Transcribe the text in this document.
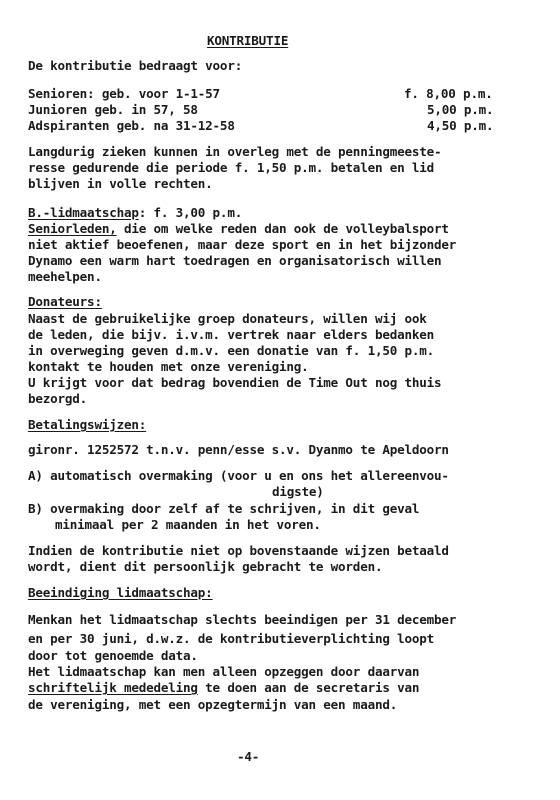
KONTRIBUTIE
De kontributie bedraagt voor:
Senioren: geb. voor 1-1-57	f. 8,00 p.m.
Junioren geb. in 57, 58	5,00 p.m.
Adspiranten geb. na 31-12-58	4,50 p.m.
Langdurig zieken kunnen in overleg met de penningmeeste-
resse gedurende die periode f. 1,50 p.m. betalen en lid
blijven in volle rechten.
B.-lidmaatschap: f. 3,00 p.m.
Seniorleden, die om welke reden dan ook de volleybalsport
niet aktief beoefenen, maar deze sport en in het bijzonder
Dynamo een warm hart toedragen en organisatorisch willen
meehelpen.
Donateurs:
Naast de gebruikelijke groep donateurs, willen wij ook
de leden, die bijv. i.v.m. vertrek naar elders bedanken
in overweging geven d.m.v. een donatie van f. 1,50 p.m.
kontakt te houden met onze vereniging.
U krijgt voor dat bedrag bovendien de Time Out nog thuis
bezorgd.
Betalingswijzen:
gironr. 1252572 t.n.v. penn/esse s.v. Dyanmo te Apeldoorn
A) automatisch overmaking (voor u en ons het allereenvou-
digste)
B) overmaking door zelf af te schrijven, in dit geval
minimaal per 2 maanden in het voren.
Indien de kontributie niet op bovenstaande wijzen betaald
wordt, dient dit persoonlijk gebracht te worden.
Beeindiging lidmaatschap:
Menkan het lidmaatschap slechts beeindigen per 31 december
en per 30 juni, d.w.z. de kontributieverplichting loopt
door tot genoemde data.
Het lidmaatschap kan men alleen opzeggen door daarvan
schriftelijk mededeling te doen aan de secretaris van
de vereniging, met een opzegtermijn van een maand.
-4-
